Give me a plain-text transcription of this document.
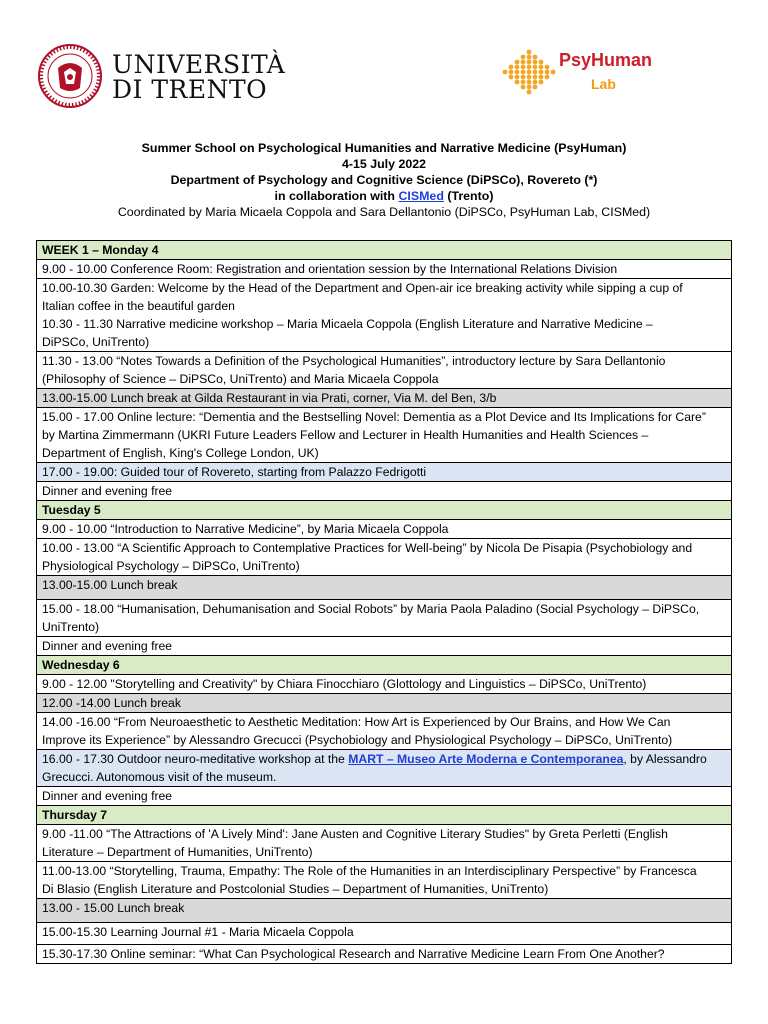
UNIVERSITÀ
DI TRENTO
PsyHuman
Lab
Summer School on Psychological Humanities and Narrative Medicine (PsyHuman)
4-15 July 2022
Department of Psychology and Cognitive Science (DiPSCo), Rovereto (*)
in collaboration with CISMed (Trento)
Coordinated by Maria Micaela Coppola and Sara Dellantonio (DiPSCo, PsyHuman Lab, CISMed)
WEEK 1 – Monday 4
9.00 - 10.00 Conference Room: Registration and orientation session by the International Relations Division

10.00-10.30 Garden: Welcome by the Head of the Department and Open-air ice breaking activity while sipping a cup of
Italian coffee in the beautiful garden
10.30 - 11.30 Narrative medicine workshop – Maria Micaela Coppola (English Literature and Narrative Medicine –
DiPSCo, UniTrento)

11.30 - 13.00 “Notes Towards a Definition of the Psychological Humanities”, introductory lecture by Sara Dellantonio
(Philosophy of Science – DiPSCo, UniTrento) and Maria Micaela Coppola

13.00-15.00 Lunch break at Gilda Restaurant in via Prati, corner, Via M. del Ben, 3/b

15.00 - 17.00 Online lecture: “Dementia and the Bestselling Novel: Dementia as a Plot Device and Its Implications for Care”
by Martina Zimmermann (UKRI Future Leaders Fellow and Lecturer in Health Humanities and Health Sciences –
Department of English, King's College London, UK)

17.00 - 19.00: Guided tour of Rovereto, starting from Palazzo Fedrigotti
Dinner and evening free
Tuesday 5
9.00 - 10.00 “Introduction to Narrative Medicine”, by Maria Micaela Coppola

10.00 - 13.00 “A Scientific Approach to Contemplative Practices for Well-being” by Nicola De Pisapia (Psychobiology and
Physiological Psychology – DiPSCo, UniTrento)

13.00-15.00 Lunch break

15.00 - 18.00 “Humanisation, Dehumanisation and Social Robots” by Maria Paola Paladino (Social Psychology – DiPSCo,
UniTrento)

Dinner and evening free
Wednesday 6
9.00 - 12.00 "Storytelling and Creativity" by Chiara Finocchiaro (Glottology and Linguistics – DiPSCo, UniTrento)
12.00 -14.00 Lunch break

14.00 -16.00 “From Neuroaesthetic to Aesthetic Meditation: How Art is Experienced by Our Brains, and How We Can
Improve its Experience” by Alessandro Grecucci (Psychobiology and Physiological Psychology – DiPSCo, UniTrento)

16.00 - 17.30 Outdoor neuro-meditative workshop at the MART – Museo Arte Moderna e Contemporanea, by Alessandro
Grecucci. Autonomous visit of the museum.

Dinner and evening free
Thursday 7

9.00 -11.00 “The Attractions of 'A Lively Mind': Jane Austen and Cognitive Literary Studies" by Greta Perletti (English
Literature – Department of Humanities, UniTrento)

11.00-13.00 “Storytelling, Trauma, Empathy: The Role of the Humanities in an Interdisciplinary Perspective” by Francesca
Di Blasio (English Literature and Postcolonial Studies – Department of Humanities, UniTrento)

13.00 - 15.00 Lunch break
15.00-15.30 Learning Journal #1 - Maria Micaela Coppola
15.30-17.30 Online seminar: “What Can Psychological Research and Narrative Medicine Learn From One Another?
